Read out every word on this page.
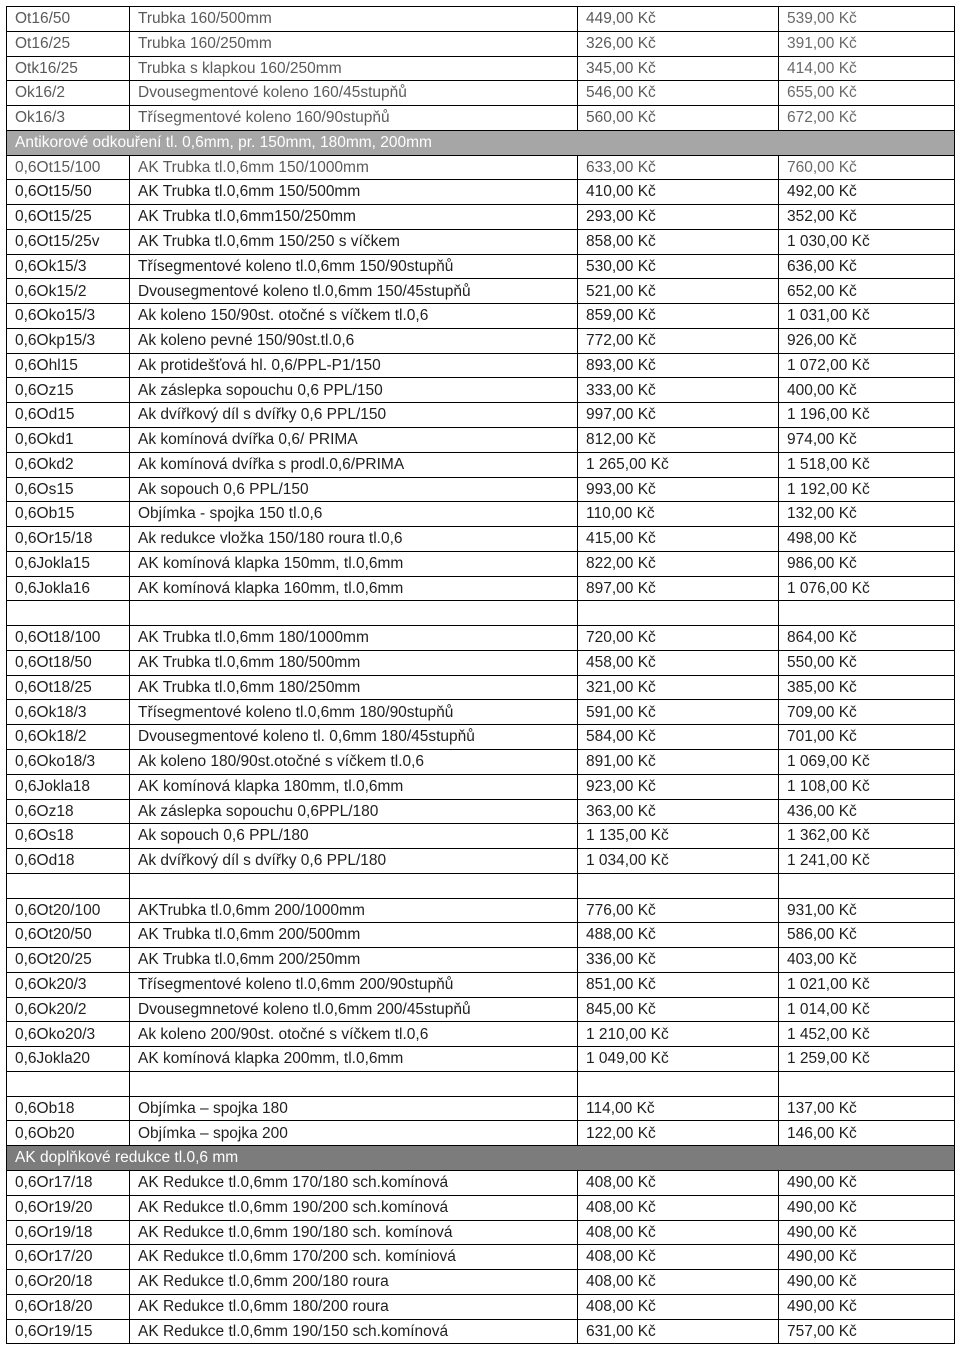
Ot16/50	Trubka 160/500mm	449,00 Kč	539,00 Kč
Ot16/25	Trubka 160/250mm	326,00 Kč	391,00 Kč
Otk16/25	Trubka s klapkou 160/250mm	345,00 Kč	414,00 Kč
Ok16/2	Dvousegmentové koleno 160/45stupňů	546,00 Kč	655,00 Kč
Ok16/3	Třísegmentové koleno 160/90stupňů	560,00 Kč	672,00 Kč
Antikorové odkouření tl. 0,6mm, pr. 150mm, 180mm, 200mm			
0,6Ot15/100	AK Trubka tl.0,6mm 150/1000mm	633,00 Kč	760,00 Kč
0,6Ot15/50	AK Trubka tl.0,6mm 150/500mm	410,00 Kč	492,00 Kč
0,6Ot15/25	AK Trubka tl.0,6mm150/250mm	293,00 Kč	352,00 Kč
0,6Ot15/25v	AK Trubka tl.0,6mm 150/250 s víčkem	858,00 Kč	1 030,00 Kč
0,6Ok15/3	Třísegmentové koleno tl.0,6mm 150/90stupňů	530,00 Kč	636,00 Kč
0,6Ok15/2	Dvousegmentové koleno tl.0,6mm 150/45stupňů	521,00 Kč	652,00 Kč
0,6Oko15/3	Ak koleno 150/90st. otočné s víčkem tl.0,6	859,00 Kč	1 031,00 Kč
0,6Okp15/3	Ak koleno pevné 150/90st.tl.0,6	772,00 Kč	926,00 Kč
0,6Ohl15	Ak protidešťová hl. 0,6/PPL-P1/150	893,00 Kč	1 072,00 Kč
0,6Oz15	Ak záslepka sopouchu 0,6 PPL/150	333,00 Kč	400,00 Kč
0,6Od15	Ak dvířkový díl s dvířky 0,6 PPL/150	997,00 Kč	1 196,00 Kč
0,6Okd1	Ak komínová dvířka 0,6/ PRIMA	812,00 Kč	974,00 Kč
0,6Okd2	Ak komínová dvířka s prodl.0,6/PRIMA	1 265,00 Kč	1 518,00 Kč
0,6Os15	Ak sopouch 0,6 PPL/150	993,00 Kč	1 192,00 Kč
0,6Ob15	Objímka - spojka 150 tl.0,6	110,00 Kč	132,00 Kč
0,6Or15/18	Ak redukce vložka 150/180 roura tl.0,6	415,00 Kč	498,00 Kč
0,6Jokla15	AK komínová klapka 150mm, tl.0,6mm	822,00 Kč	986,00 Kč
0,6Jokla16	AK komínová klapka 160mm, tl.0,6mm	897,00 Kč	1 076,00 Kč

0,6Ot18/100	AK Trubka tl.0,6mm 180/1000mm	720,00 Kč	864,00 Kč
0,6Ot18/50	AK Trubka tl.0,6mm 180/500mm	458,00 Kč	550,00 Kč
0,6Ot18/25	AK Trubka tl.0,6mm 180/250mm	321,00 Kč	385,00 Kč
0,6Ok18/3	Třísegmentové koleno tl.0,6mm 180/90stupňů	591,00 Kč	709,00 Kč
0,6Ok18/2	Dvousegmentové koleno tl. 0,6mm 180/45stupňů	584,00 Kč	701,00 Kč
0,6Oko18/3	Ak koleno 180/90st.otočné s víčkem tl.0,6	891,00 Kč	1 069,00 Kč
0,6Jokla18	AK komínová klapka 180mm, tl.0,6mm	923,00 Kč	1 108,00 Kč
0,6Oz18	Ak záslepka sopouchu 0,6PPL/180	363,00 Kč	436,00 Kč
0,6Os18	Ak sopouch 0,6 PPL/180	1 135,00 Kč	1 362,00 Kč
0,6Od18	Ak dvířkový díl s dvířky 0,6 PPL/180	1 034,00 Kč	1 241,00 Kč

0,6Ot20/100	AKTrubka tl.0,6mm 200/1000mm	776,00 Kč	931,00 Kč
0,6Ot20/50	AK Trubka tl.0,6mm 200/500mm	488,00 Kč	586,00 Kč
0,6Ot20/25	AK Trubka tl.0,6mm 200/250mm	336,00 Kč	403,00 Kč
0,6Ok20/3	Třísegmentové koleno tl.0,6mm 200/90stupňů	851,00 Kč	1 021,00 Kč
0,6Ok20/2	Dvousegmnetové koleno tl.0,6mm 200/45stupňů	845,00 Kč	1 014,00 Kč
0,6Oko20/3	Ak koleno 200/90st. otočné s víčkem tl.0,6	1 210,00 Kč	1 452,00 Kč
0,6Jokla20	AK komínová klapka 200mm, tl.0,6mm	1 049,00 Kč	1 259,00 Kč

0,6Ob18	Objímka – spojka 180	114,00 Kč	137,00 Kč
0,6Ob20	Objímka – spojka 200	122,00 Kč	146,00 Kč
AK doplňkové redukce tl.0,6 mm			
0,6Or17/18	AK Redukce tl.0,6mm 170/180 sch.komínová	408,00 Kč	490,00 Kč
0,6Or19/20	AK Redukce tl.0,6mm 190/200 sch.komínová	408,00 Kč	490,00 Kč
0,6Or19/18	AK Redukce tl.0,6mm 190/180 sch. komínová	408,00 Kč	490,00 Kč
0,6Or17/20	AK Redukce tl.0,6mm 170/200 sch. komíniová	408,00 Kč	490,00 Kč
0,6Or20/18	AK Redukce tl.0,6mm 200/180 roura	408,00 Kč	490,00 Kč
0,6Or18/20	AK Redukce tl.0,6mm 180/200 roura	408,00 Kč	490,00 Kč
0,6Or19/15	AK Redukce tl.0,6mm 190/150 sch.komínová	631,00 Kč	757,00 Kč
